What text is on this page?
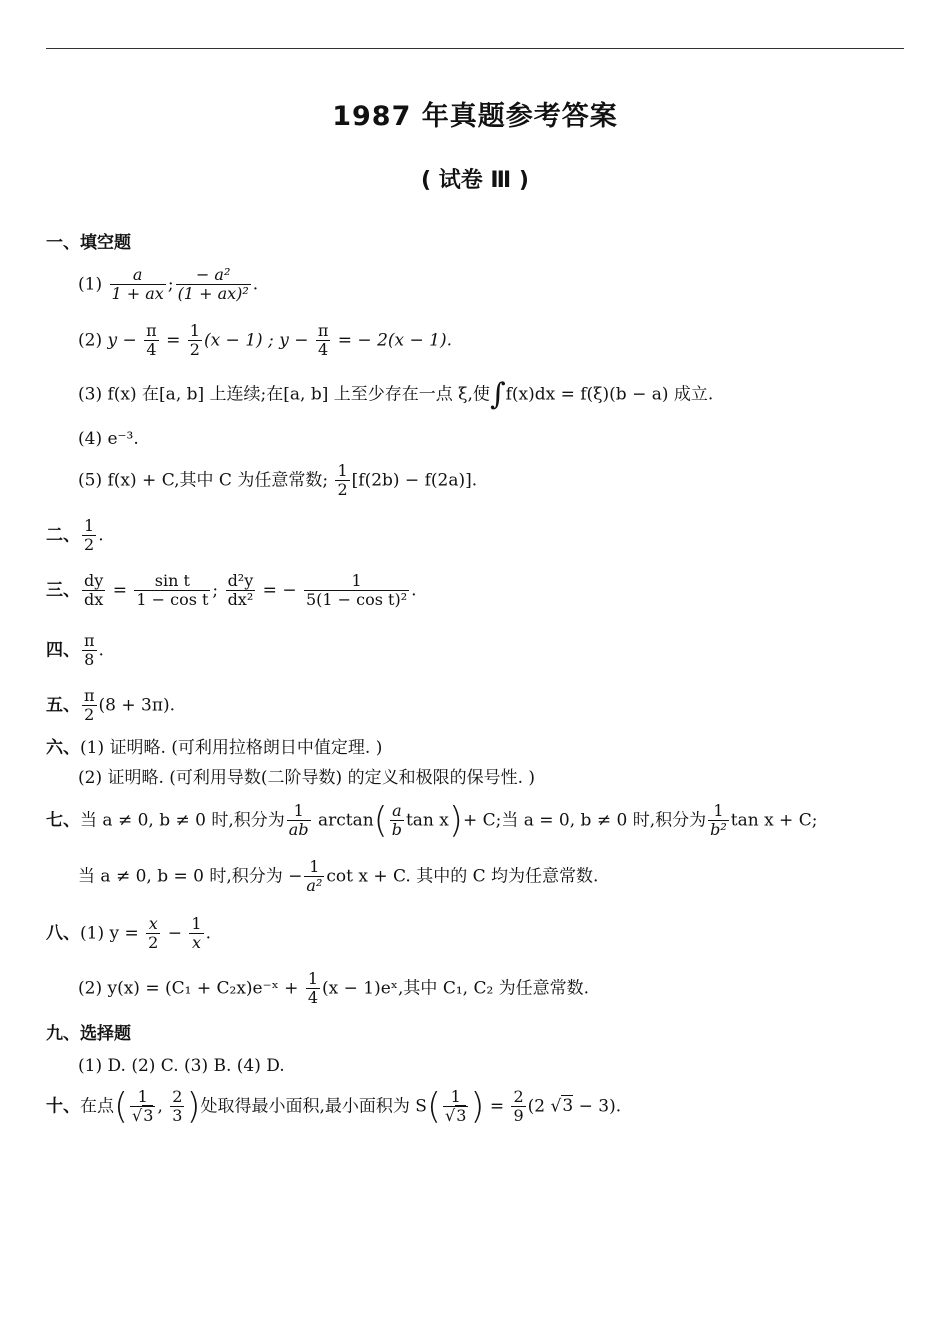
1987 年真题参考答案
( 试卷 Ⅲ )
一、填空题
$(1) \frac{a}{1 + ax}$ ; $\frac{\text{− a²}}{\text{(1 + ax)²}}$ .
(2) $y - \frac{\pi}{4} = \frac{1}{2} (x - 1)$ ; $y - \frac{\pi}{4}$ = − 2(x − 1).
(3) f(x) 在[a, b] 上连续;在[a, b] 上至少存在一点 ξ,使∫f(x)dx = f(ξ)(b − a) 成立.
(4) e⁻³.
(5) f(x) + C,其中 C 为任意常数; $\frac{1}{2} [f(2b) - f(2a)]$.
二、 $\frac{1}{2}$ .
三、 $\frac{dy}{dx} = \frac{\text{sin t}}{\text{1 − cos t}}$ ; $\frac{\text{d²y}}{\text{dx²}}$ = − $\frac{1}{\text{5(1 − cos t)²}}$ .
四、 $\frac{\pi}{8}$ .
五、 $\frac{\pi}{2} (8 + 3\pi)$.
六、(1) 证明略. (可利用拉格朗日中值定理. )
(2) 证明略. (可利用导数(二阶导数) 的定义和极限的保号性. )
七、当 a ≠ 0, b ≠ 0 时,积分为 $\frac{1}{ab} \arctan( \frac{a}{b}$ tan x)+ C;当 a = 0, b ≠ 0 时,积分为 $\frac{1}{\text{b²}}$ tan x + C;
当 a ≠ 0, b = 0 时,积分为 − $\frac{1}{\text{a²}}$ cot x + C. 其中的 C 均为任意常数.
八、(1) $y = \frac{x}{2} - \frac{1}{x}$ .
(2) y(x) = (C₁ + C₂x)e⁻ˣ + $\frac{1}{4} (x$ − 1)eˣ,其中 C₁, C₂ 为任意常数.
九、选择题
(1) D. (2) C. (3) B. (4) D.
十、在点( $\frac{1}{√3}$ , $\frac{2}{3}$ )处取得最小面积,最小面积为 $S( \frac{1}{√3}$ ) = $\frac{2}{9} (2$ √3 − 3).
